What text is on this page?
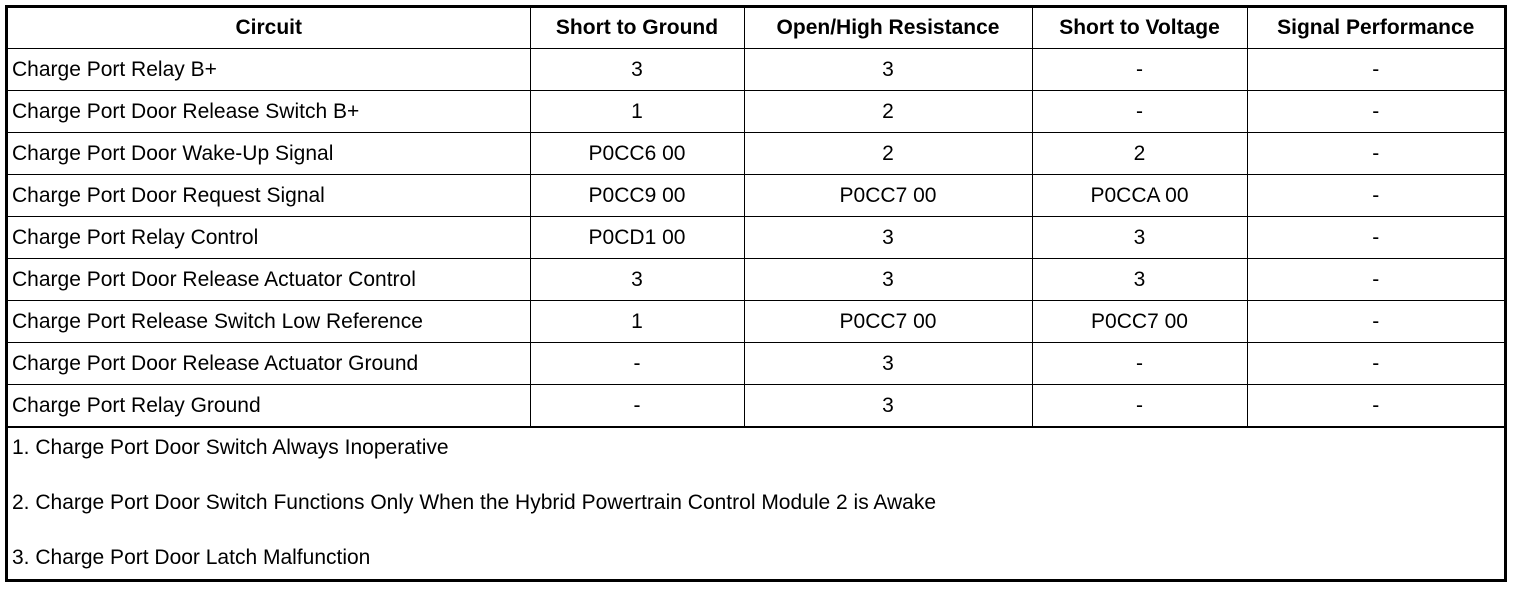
Circuit	Short to Ground	Open/High Resistance	Short to Voltage	Signal Performance
Charge Port Relay B+	3	3	-	-
Charge Port Door Release Switch B+	1	2	-	-
Charge Port Door Wake-Up Signal	P0CC6 00	2	2	-
Charge Port Door Request Signal	P0CC9 00	P0CC7 00	P0CCA 00	-
Charge Port Relay Control	P0CD1 00	3	3	-
Charge Port Door Release Actuator Control	3	3	3	-
Charge Port Release Switch Low Reference	1	P0CC7 00	P0CC7 00	-
Charge Port Door Release Actuator Ground	-	3	-	-
Charge Port Relay Ground	-	3	-	-
1. Charge Port Door Switch Always Inoperative
2. Charge Port Door Switch Functions Only When the Hybrid Powertrain Control Module 2 is Awake
3. Charge Port Door Latch Malfunction
